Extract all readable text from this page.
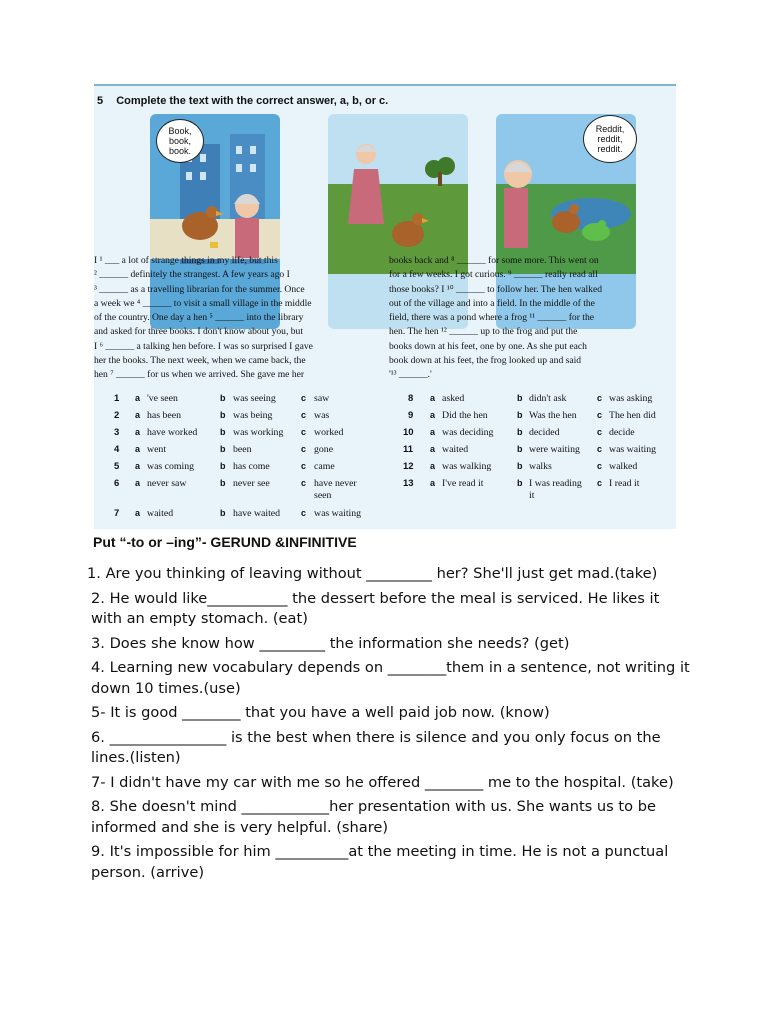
5 Complete the text with the correct answer, a, b, or c.
Book, book, book.
Reddit, reddit, reddit.
I ¹ ___ a lot of strange things in my life, but this
² ______ definitely the strangest. A few years ago I
³ ______ as a travelling librarian for the summer. Once
a week we ⁴ ______ to visit a small village in the middle
of the country. One day a hen ⁵ ______ into the library
and asked for three books. I don't know about you, but
I ⁶ ______ a talking hen before. I was so surprised I gave
her the books. The next week, when we came back, the
hen ⁷ ______ for us when we arrived. She gave me her
books back and ⁸ ______ for some more. This went on
for a few weeks. I got curious. ⁹ ______ really read all
those books? I ¹⁰ ______ to follow her. The hen walked
out of the village and into a field. In the middle of the
field, there was a pond where a frog ¹¹ ______ for the
hen. The hen ¹² ______ up to the frog and put the
books down at his feet, one by one. As she put each
book down at his feet, the frog looked up and said
'¹³ ______.'
1 a 've seen	b was seeing	c saw
2 a has been	b was being	c was
3 a have worked	b was working c worked
4 a went	b been	c gone
5 a was coming	b has come	c came
6 a never saw	b never see	c have never seen
7 a waited	b have waited c was waiting
8 a asked	b didn't ask	c was asking
9 a Did the hen	b Was the hen c The hen did
10 a was deciding	b decided	c decide
11 a waited	b were waiting c was waiting
12 a was walking	b walks	c walked
13 a I've read it	b I was reading it
c I read it
Put “-to or –ing”- GERUND &INFINITIVE
1. Are you thinking of leaving without _________ her? She'll just get mad.(take)
2. He would like___________ the dessert before the meal is serviced. He likes it with an empty stomach. (eat)
3. Does she know how _________ the information she needs? (get)
4. Learning new vocabulary depends on ________them in a sentence, not writing it down 10 times.(use)
5- It is good ________ that you have a well paid job now. (know)
6. ________________ is the best when there is silence and you only focus on the lines.(listen)
7- I didn't have my car with me so he offered ________ me to the hospital. (take)
8. She doesn't mind ____________her presentation with us. She wants us to be informed and she is very helpful. (share)
9. It's impossible for him __________at the meeting in time. He is not a punctual person. (arrive)
